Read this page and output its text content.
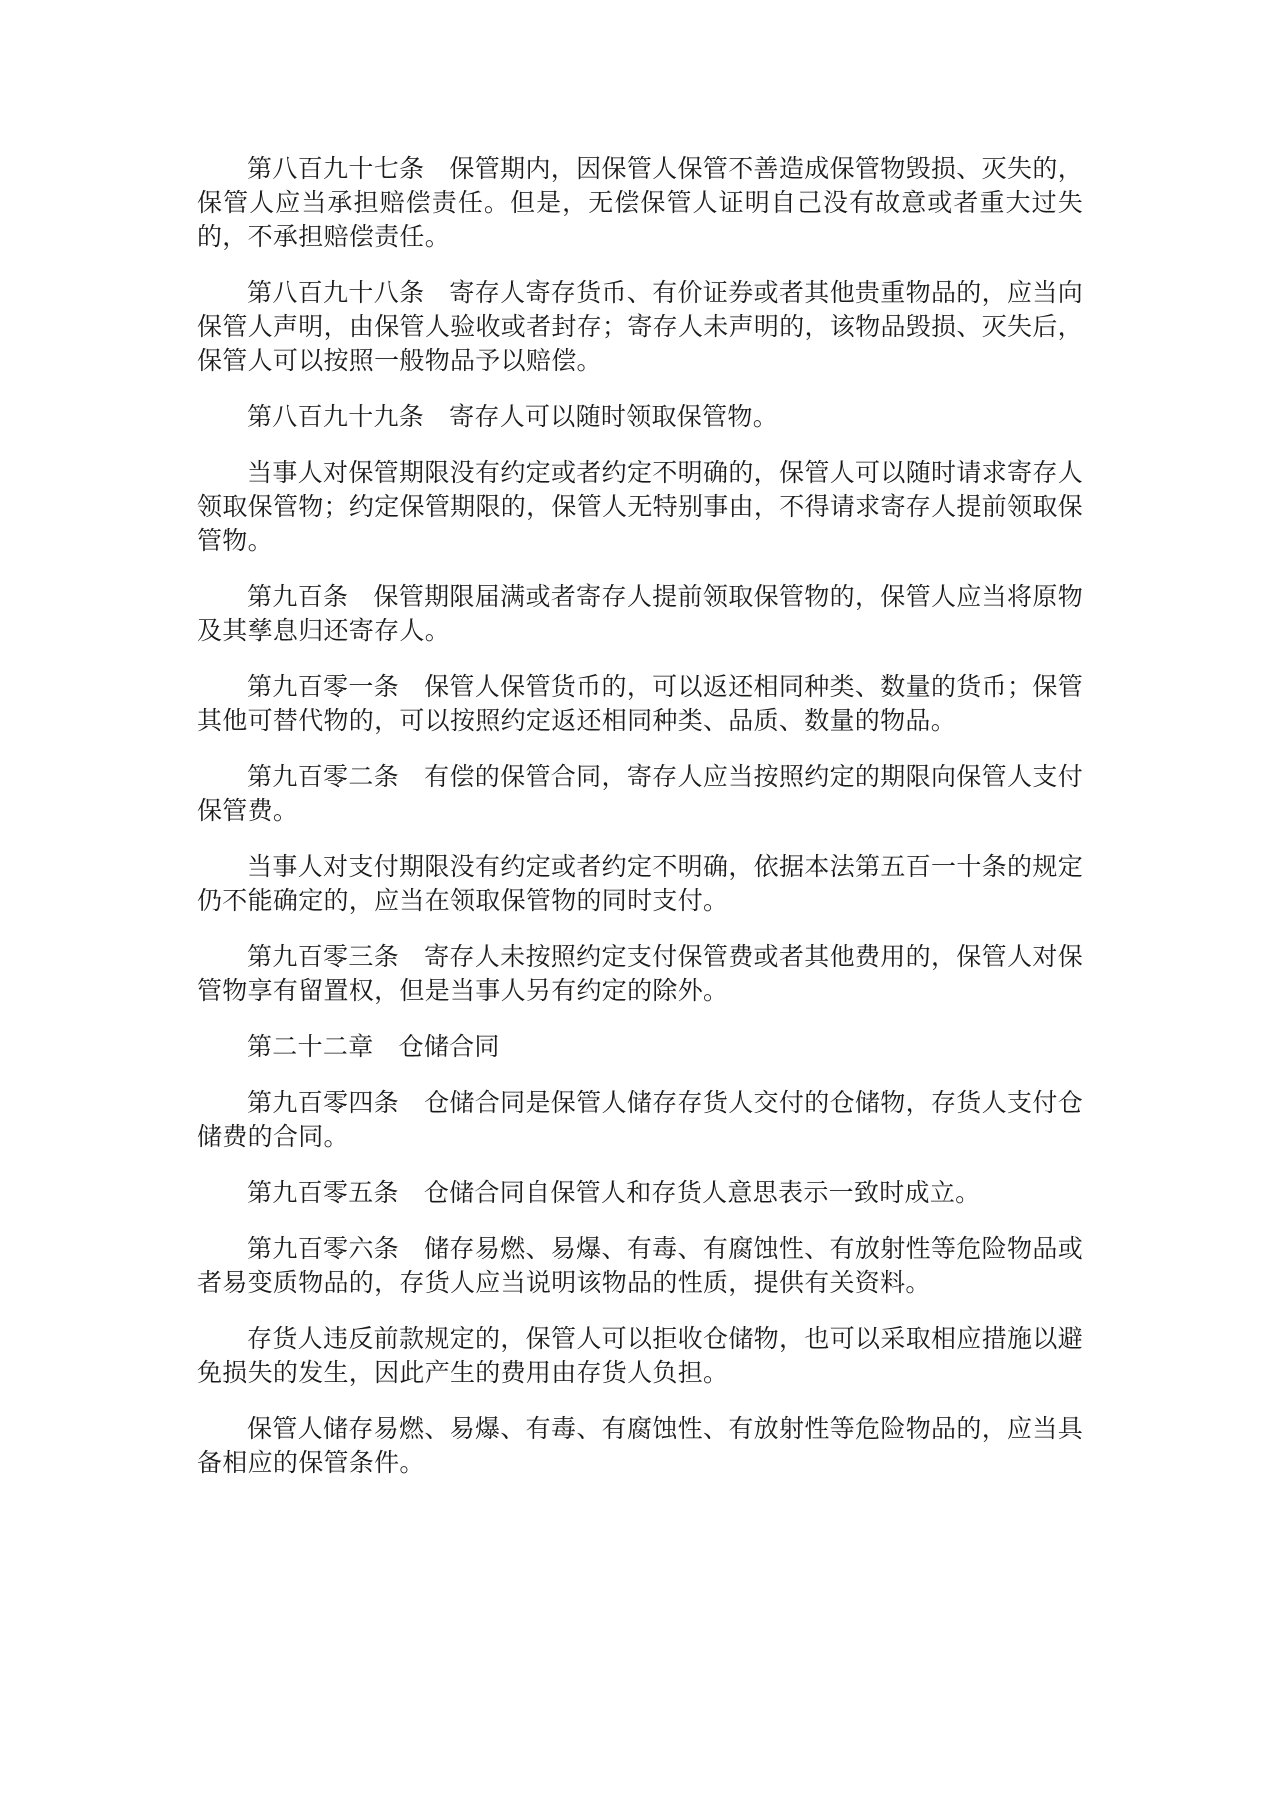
第八百九十七条 保管期内，因保管人保管不善造成保管物毁损、灭失的，保管人应当承担赔偿责任。但是，无偿保管人证明自己没有故意或者重大过失的，不承担赔偿责任。

第八百九十八条 寄存人寄存货币、有价证券或者其他贵重物品的，应当向保管人声明，由保管人验收或者封存；寄存人未声明的，该物品毁损、灭失后，保管人可以按照一般物品予以赔偿。

第八百九十九条 寄存人可以随时领取保管物。

当事人对保管期限没有约定或者约定不明确的，保管人可以随时请求寄存人领取保管物；约定保管期限的，保管人无特别事由，不得请求寄存人提前领取保管物。

第九百条 保管期限届满或者寄存人提前领取保管物的，保管人应当将原物及其孳息归还寄存人。

第九百零一条 保管人保管货币的，可以返还相同种类、数量的货币；保管其他可替代物的，可以按照约定返还相同种类、品质、数量的物品。

第九百零二条 有偿的保管合同，寄存人应当按照约定的期限向保管人支付保管费。

当事人对支付期限没有约定或者约定不明确，依据本法第五百一十条的规定仍不能确定的，应当在领取保管物的同时支付。

第九百零三条 寄存人未按照约定支付保管费或者其他费用的，保管人对保管物享有留置权，但是当事人另有约定的除外。

第二十二章 仓储合同

第九百零四条 仓储合同是保管人储存存货人交付的仓储物，存货人支付仓储费的合同。

第九百零五条 仓储合同自保管人和存货人意思表示一致时成立。

第九百零六条 储存易燃、易爆、有毒、有腐蚀性、有放射性等危险物品或者易变质物品的，存货人应当说明该物品的性质，提供有关资料。

存货人违反前款规定的，保管人可以拒收仓储物，也可以采取相应措施以避免损失的发生，因此产生的费用由存货人负担。

保管人储存易燃、易爆、有毒、有腐蚀性、有放射性等危险物品的，应当具备相应的保管条件。
